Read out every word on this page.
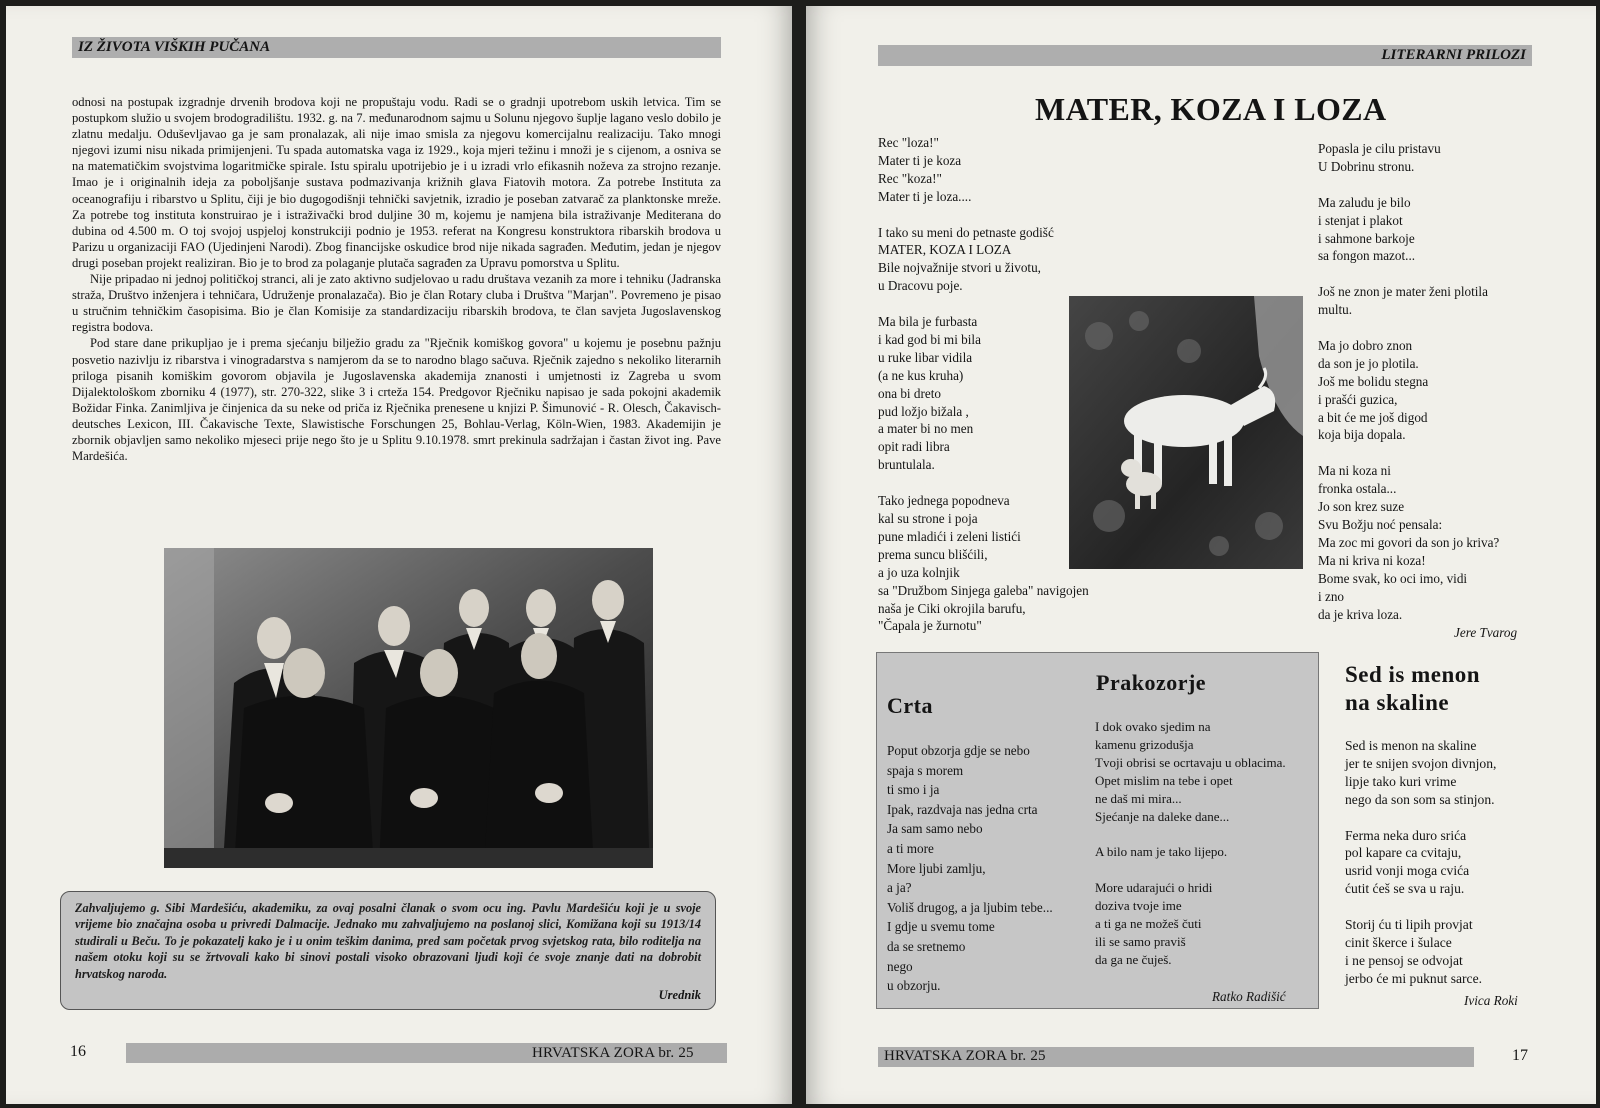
IZ ŽIVOTA VIŠKIH PUČANA

odnosi na postupak izgradnje drvenih brodova koji ne propuštaju vodu. Radi se o gradnji upotrebom uskih letvica. Tim se postupkom služio u svojem brodogradilištu. 1932. g. na 7. međunarodnom sajmu u Solunu njegovo šuplje lagano veslo dobilo je zlatnu medalju. Oduševljavao ga je sam pronalazak, ali nije imao smisla za njegovu komercijalnu realizaciju. Tako mnogi njegovi izumi nisu nikada primijenjeni. Tu spada automatska vaga iz 1929., koja mjeri težinu i množi je s cijenom, a osniva se na matematičkim svojstvima logaritmičke spirale. Istu spiralu upotrijebio je i u izradi vrlo efikasnih noževa za strojno rezanje. Imao je i originalnih ideja za poboljšanje sustava podmazivanja križnih glava Fiatovih motora. Za potrebe Instituta za oceanografiju i ribarstvo u Splitu, čiji je bio dugogodišnji tehnički savjetnik, izradio je poseban zatvarač za planktonske mreže. Za potrebe tog instituta konstruirao je i istraživački brod duljine 30 m, kojemu je namjena bila istraživanje Mediterana do dubina od 4.500 m. O toj svojoj uspjeloj konstrukciji podnio je 1953. referat na Kongresu konstruktora ribarskih brodova u Parizu u organizaciji FAO (Ujedinjeni Narodi). Zbog financijske oskudice brod nije nikada sagrađen. Međutim, jedan je njegov drugi poseban projekt realiziran. Bio je to brod za polaganje plutača sagrađen za Upravu pomorstva u Splitu.

Nije pripadao ni jednoj političkoj stranci, ali je zato aktivno sudjelovao u radu društava vezanih za more i tehniku (Jadranska straža, Društvo inženjera i tehničara, Udruženje pronalazača). Bio je član Rotary cluba i Društva "Marjan". Povremeno je pisao u stručnim tehničkim časopisima. Bio je član Komisije za standardizaciju ribarskih brodova, te član savjeta Jugoslavenskog registra bodova.

Pod stare dane prikupljao je i prema sjećanju bilježio gradu za "Rječnik komiškog govora" u kojemu je posebnu pažnju posvetio nazivlju iz ribarstva i vinogradarstva s namjerom da se to narodno blago sačuva. Rječnik zajedno s nekoliko literarnih priloga pisanih komiškim govorom objavila je Jugoslavenska akademija znanosti i umjetnosti iz Zagreba u svom Dijalektološkom zborniku 4 (1977), str. 270-322, slike 3 i crteža 154. Predgovor Rječniku napisao je sada pokojni akademik Božidar Finka. Zanimljiva je činjenica da su neke od priča iz Rječnika prenesene u knjizi P. Šimunović - R. Olesch, Čakavisch-deutsches Lexicon, III. Čakavische Texte, Slawistische Forschungen 25, Bohlau-Verlag, Köln-Wien, 1983. Akademijin je zbornik objavljen samo nekoliko mjeseci prije nego što je u Splitu 9.10.1978. smrt prekinula sadržajan i častan život ing. Pave Mardešića.

Zahvaljujemo g. Sibi Mardešiću, akademiku, za ovaj posalni članak o svom ocu ing. Pavlu Mardešiću koji je u svoje vrijeme bio značajna osoba u privredi Dalmacije. Jednako mu zahvaljujemo na poslanoj slici, Komižana koji su 1913/14 studirali u Beču. To je pokazatelj kako je i u onim teškim danima, pred sam početak prvog svjetskog rata, bilo roditelja na našem otoku koji su se žrtvovali kako bi sinovi postali visoko obrazovani ljudi koji će svoje znanje dati na dobrobit hrvatskog naroda.
Urednik
16	HRVATSKA ZORA br. 25
LITERARNI PRILOZI
MATER, KOZA I LOZA
Rec "loza!"
Mater ti je koza
Rec "koza!"
Mater ti je loza....
I tako su meni do petnaste godišć
MATER, KOZA I LOZA
Bile nojvažnije stvori u životu,
u Dracovu poje.
Ma bila je furbasta
i kad god bi mi bila
u ruke libar vidila
(a ne kus kruha)
ona bi dreto
pud ložjo bižala ,
a mater bi no men
opit radi libra
bruntulala.
Tako jednega popodneva
kal su strone i poja
pune mladići i zeleni listići
prema suncu blišćili,
a jo uza kolnjik
sa "Družbom Sinjega galeba" navigojen
naša je Ciki okrojila barufu,
"Čapala je žurnotu"
Popasla je cilu pristavu
U Dobrinu stronu.
Ma zaludu je bilo
i stenjat i plakot
i sahmone barkoje
sa fongon mazot...
Još ne znon je mater ženi plotila
multu.
Ma jo dobro znon
da son je jo plotila.
Još me bolidu stegna
i prašći guzica,
a bit će me još digod
koja bija dopala.
Ma ni koza ni
fronka ostala...
Jo son krez suze
Svu Božju noć pensala:
Ma zoc mi govori da son jo kriva?
Ma ni kriva ni koza!
Bome svak, ko oci imo, vidi
i zno
da je kriva loza.
Jere Tvarog
Crta
Poput obzorja gdje se nebo
spaja s morem
ti smo i ja
Ipak, razdvaja nas jedna crta
Ja sam samo nebo
a ti more
More ljubi zamlju,
a ja?
Voliš drugog, a ja ljubim tebe...
I gdje u svemu tome
da se sretnemo
nego
u obzorju.
Prakozorje
I dok ovako sjedim na
kamenu grizodušja
Tvoji obrisi se ocrtavaju u oblacima.
Opet mislim na tebe i opet
ne daš mi mira...
Sjećanje na daleke dane...
A bilo nam je tako lijepo.
More udarajući o hridi
doziva tvoje ime
a ti ga ne možeš čuti
ili se samo praviš
da ga ne čuješ.
Ratko Radišić
Sed is menon
na skaline
Sed is menon na skaline
jer te snijen svojon divnjon,
lipje tako kuri vrime
nego da son som sa stinjon.
Ferma neka duro srića
pol kapare ca cvitaju,
usrid vonji moga cvića
ćutit ćeš se sva u raju.
Storij ću ti lipih provjat
cinit škerce i šulace
i ne pensoj se odvojat
jerbo će mi puknut sarce.
Ivica Roki
HRVATSKA ZORA br. 25	17
